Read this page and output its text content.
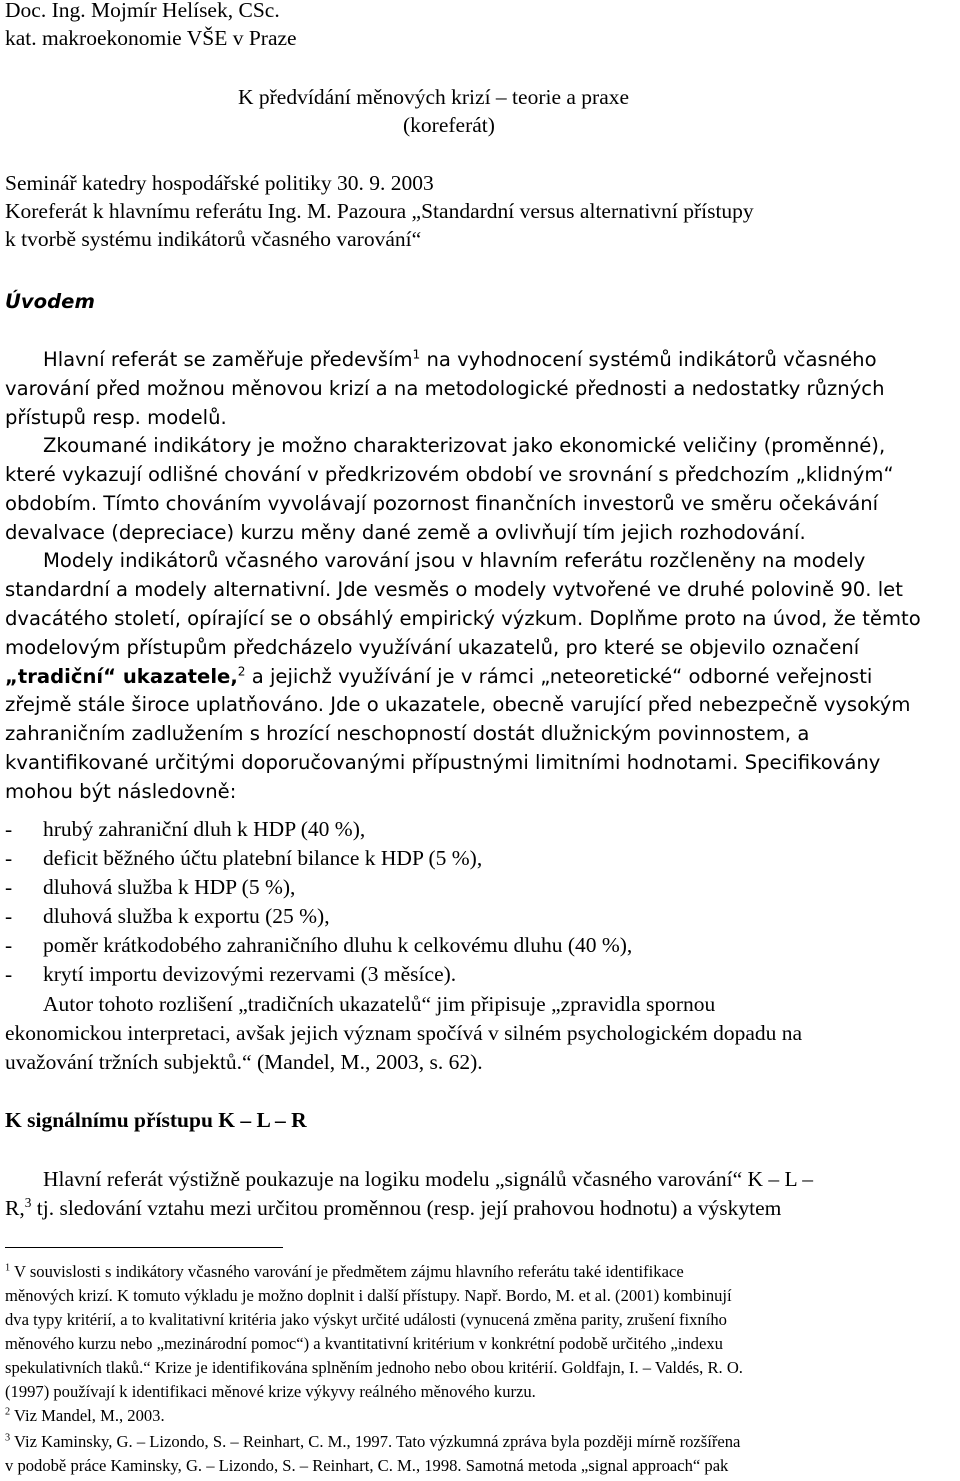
Doc. Ing. Mojmír Helísek, CSc.
kat. makroekonomie VŠE v Praze
K předvídání měnových krizí – teorie a praxe
(koreferát)
Seminář katedry hospodářské politiky 30. 9. 2003
Koreferát k hlavnímu referátu Ing. M. Pazoura „Standardní versus alternativní přístupy
k tvorbě systému indikátorů včasného varování“
Úvodem
Hlavní referát se zaměřuje především$^1$ na vyhodnocení systémů indikátorů včasného
varování před možnou měnovou krizí a na metodologické přednosti a nedostatky různých
přístupů resp. modelů.
Zkoumané indikátory je možno charakterizovat jako ekonomické veličiny (proměnné),
které vykazují odlišné chování v předkrizovém období ve srovnání s předchozím „klidným“
obdobím. Tímto chováním vyvolávají pozornost finančních investorů ve směru očekávání
devalvace (depreciace) kurzu měny dané země a ovlivňují tím jejich rozhodování.
Modely indikátorů včasného varování jsou v hlavním referátu rozčleněny na modely
standardní a modely alternativní. Jde vesměs o modely vytvořené ve druhé polovině 90. let
dvacátého století, opírající se o obsáhlý empirický výzkum. Doplňme proto na úvod, že těmto
modelovým přístupům předcházelo využívání ukazatelů, pro které se objevilo označení
„tradiční“ ukazatele,$^2$ a jejichž využívání je v rámci „neteoretické“ odborné veřejnosti
zřejmě stále široce uplatňováno. Jde o ukazatele, obecně varující před nebezpečně vysokým
zahraničním zadlužením s hrozící neschopností dostát dlužnickým povinnostem, a
kvantifikované určitými doporučovanými přípustnými limitními hodnotami. Specifikovány
mohou být následovně:
- hrubý zahraniční dluh k HDP (40 %),
- deficit běžného účtu platební bilance k HDP (5 %),
- dluhová služba k HDP (5 %),
- dluhová služba k exportu (25 %),
- poměr krátkodobého zahraničního dluhu k celkovému dluhu (40 %),
- krytí importu devizovými rezervami (3 měsíce).
Autor tohoto rozlišení „tradičních ukazatelů“ jim připisuje „zpravidla spornou
ekonomickou interpretaci, avšak jejich význam spočívá v silném psychologickém dopadu na
uvažování tržních subjektů.“ (Mandel, M., 2003, s. 62).
K signálnímu přístupu K – L – R
Hlavní referát výstižně poukazuje na logiku modelu „signálů včasného varování“ K – L –
R,$^3$ tj. sledování vztahu mezi určitou proměnnou (resp. její prahovou hodnotu) a výskytem
$^1$ V souvislosti s indikátory včasného varování je předmětem zájmu hlavního referátu také identifikace
měnových krizí. K tomuto výkladu je možno doplnit i další přístupy. Např. Bordo, M. et al. (2001) kombinují
dva typy kritérií, a to kvalitativní kritéria jako výskyt určité události (vynucená změna parity, zrušení fixního
měnového kurzu nebo „mezinárodní pomoc“) a kvantitativní kritérium v konkrétní podobě určitého „indexu
spekulativních tlaků.“ Krize je identifikována splněním jednoho nebo obou kritérií. Goldfajn, I. – Valdés, R. O.
(1997) používají k identifikaci měnové krize výkyvy reálného měnového kurzu.
$^2$ Viz Mandel, M., 2003.
$^3$ Viz Kaminsky, G. – Lizondo, S. – Reinhart, C. M., 1997. Tato výzkumná zpráva byla později mírně rozšířena
v podobě práce Kaminsky, G. – Lizondo, S. – Reinhart, C. M., 1998. Samotná metoda „signal approach“ pak
